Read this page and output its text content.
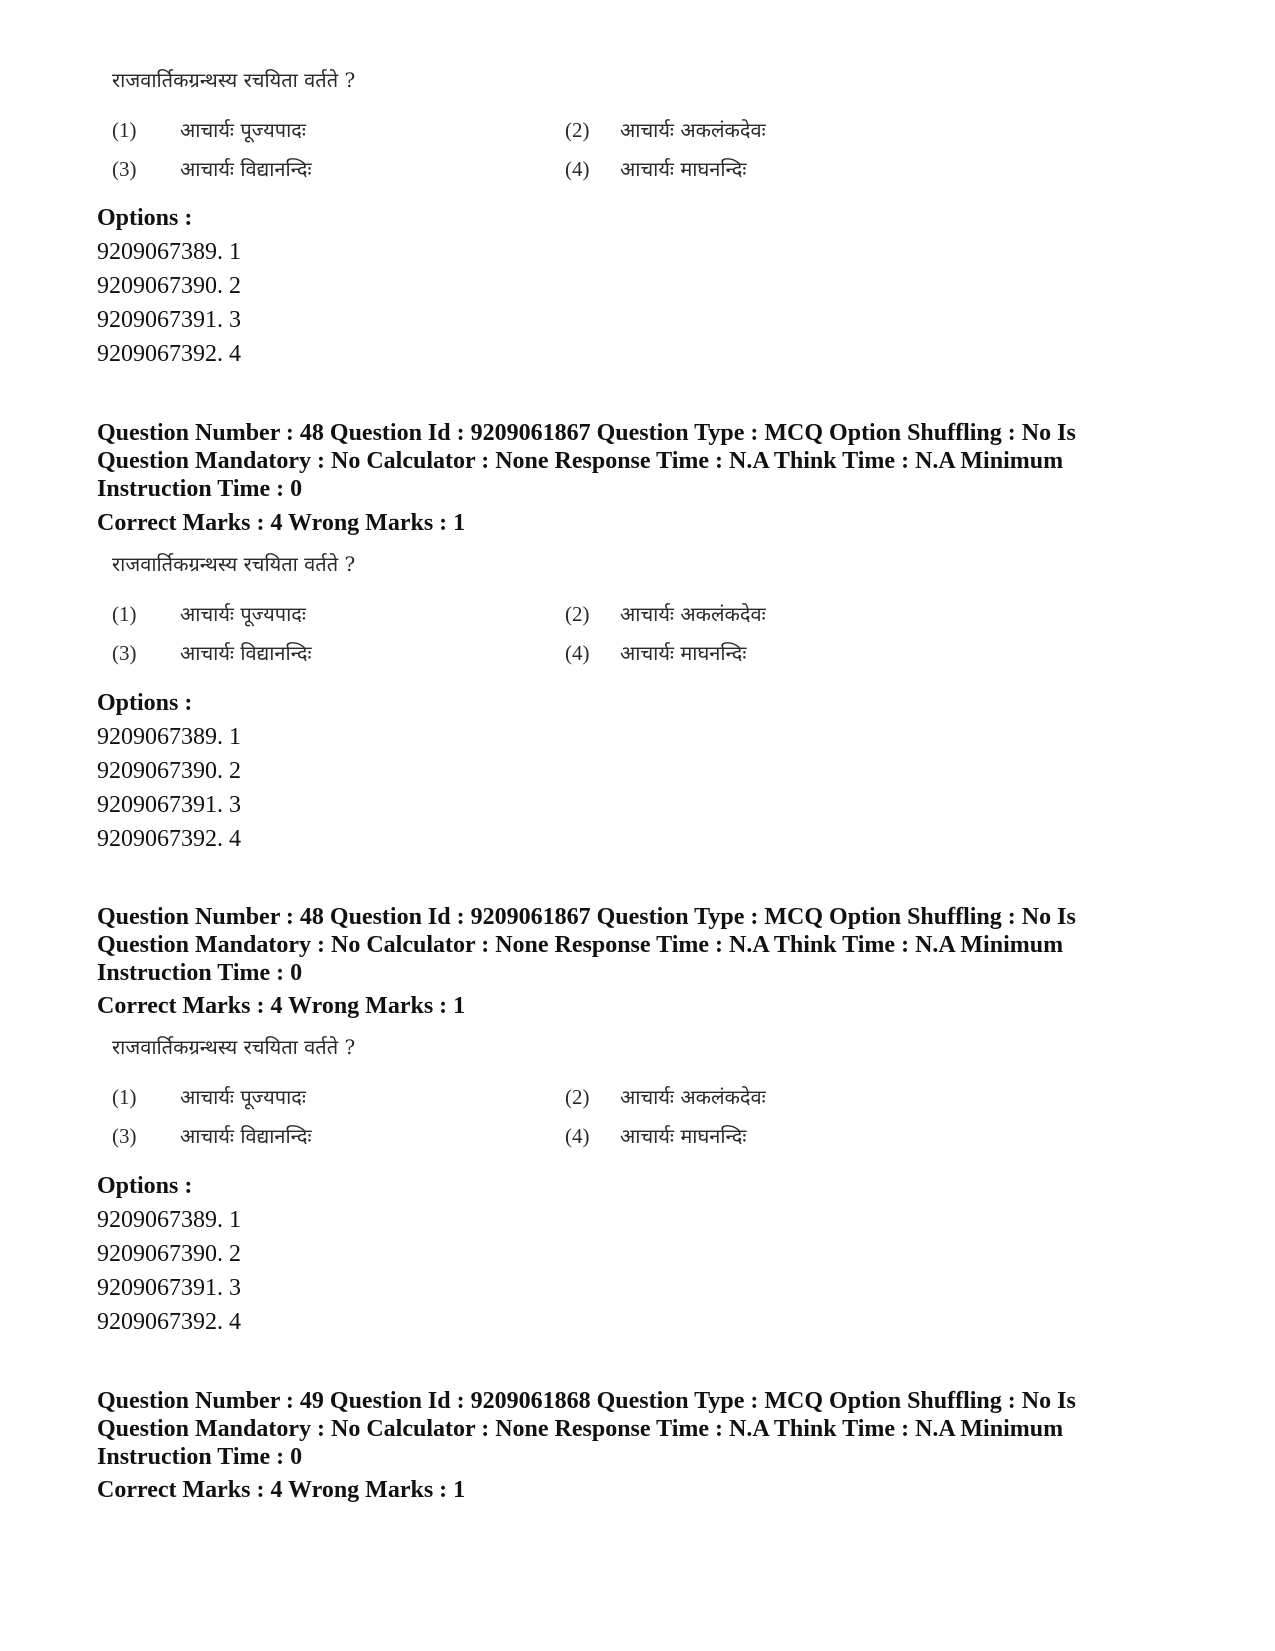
राजवार्तिकग्रन्थस्य रचयिता वर्तते ?
(1) आचार्यः पूज्यपादः	(2) आचार्यः अकलंकदेवः
(3) आचार्यः विद्यानन्दिः	(4) आचार्यः माघनन्दिः
Options :
9209067389. 1
9209067390. 2
9209067391. 3
9209067392. 4
Question Number : 48 Question Id : 9209061867 Question Type : MCQ Option Shuffling : No Is Question Mandatory : No Calculator : None Response Time : N.A Think Time : N.A Minimum Instruction Time : 0
Correct Marks : 4 Wrong Marks : 1
राजवार्तिकग्रन्थस्य रचयिता वर्तते ?
(1) आचार्यः पूज्यपादः	(2) आचार्यः अकलंकदेवः
(3) आचार्यः विद्यानन्दिः	(4) आचार्यः माघनन्दिः
Options :
9209067389. 1
9209067390. 2
9209067391. 3
9209067392. 4
Question Number : 48 Question Id : 9209061867 Question Type : MCQ Option Shuffling : No Is Question Mandatory : No Calculator : None Response Time : N.A Think Time : N.A Minimum Instruction Time : 0
Correct Marks : 4 Wrong Marks : 1
राजवार्तिकग्रन्थस्य रचयिता वर्तते ?
(1) आचार्यः पूज्यपादः	(2) आचार्यः अकलंकदेवः
(3) आचार्यः विद्यानन्दिः	(4) आचार्यः माघनन्दिः
Options :
9209067389. 1
9209067390. 2
9209067391. 3
9209067392. 4
Question Number : 49 Question Id : 9209061868 Question Type : MCQ Option Shuffling : No Is Question Mandatory : No Calculator : None Response Time : N.A Think Time : N.A Minimum Instruction Time : 0
Correct Marks : 4 Wrong Marks : 1
